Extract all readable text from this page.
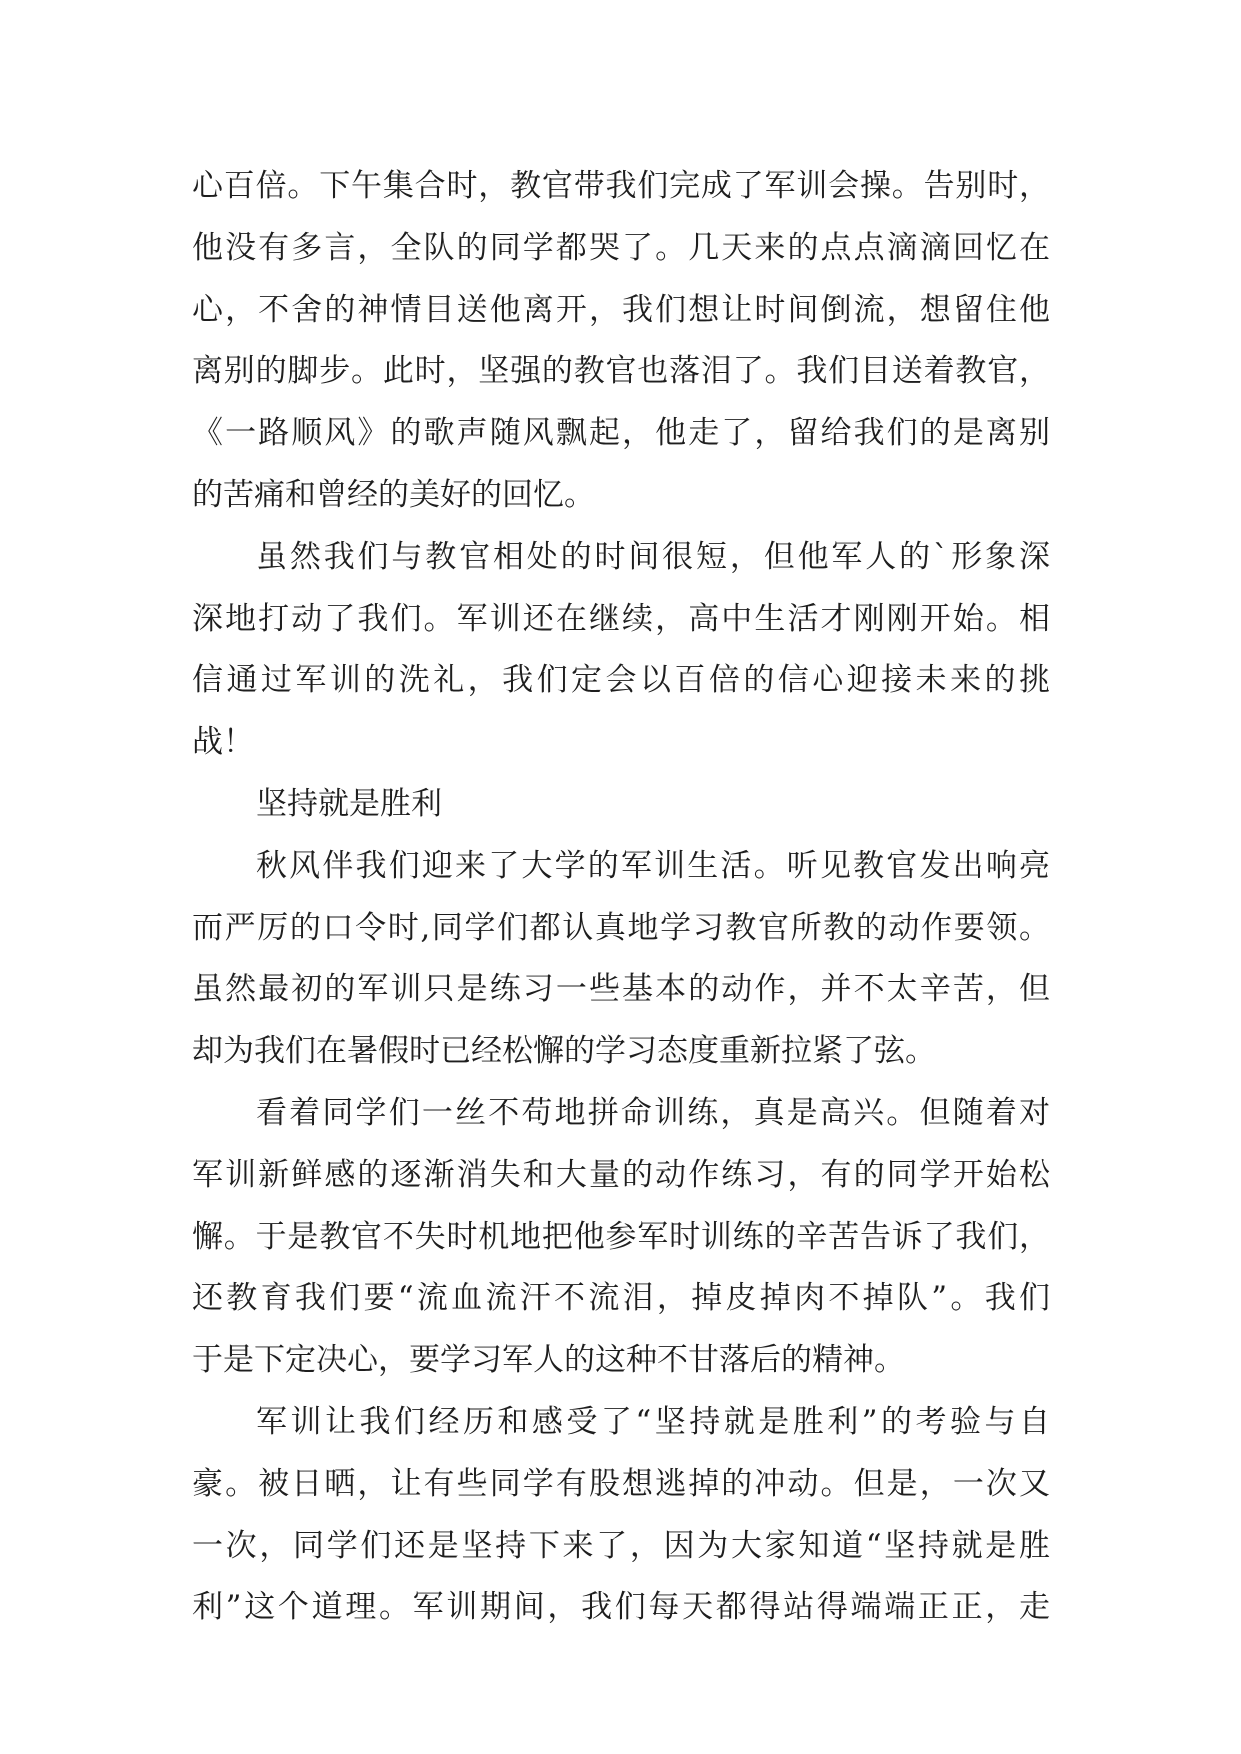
心百倍。下午集合时，教官带我们完成了军训会操。告别时，
他没有多言，全队的同学都哭了。几天来的点点滴滴回忆在
心，不舍的神情目送他离开，我们想让时间倒流，想留住他
离别的脚步。此时，坚强的教官也落泪了。我们目送着教官，
《一路顺风》的歌声随风飘起，他走了，留给我们的是离别
的苦痛和曾经的美好的回忆。
虽然我们与教官相处的时间很短，但他军人的`形象深
深地打动了我们。军训还在继续，高中生活才刚刚开始。相
信通过军训的洗礼，我们定会以百倍的信心迎接未来的挑
战！
坚持就是胜利
秋风伴我们迎来了大学的军训生活。听见教官发出响亮
而严厉的口令时,同学们都认真地学习教官所教的动作要领。
虽然最初的军训只是练习一些基本的动作，并不太辛苦，但
却为我们在暑假时已经松懈的学习态度重新拉紧了弦。
看着同学们一丝不苟地拼命训练，真是高兴。但随着对
军训新鲜感的逐渐消失和大量的动作练习，有的同学开始松
懈。于是教官不失时机地把他参军时训练的辛苦告诉了我们，
还教育我们要“流血流汗不流泪，掉皮掉肉不掉队”。我们
于是下定决心，要学习军人的这种不甘落后的精神。
军训让我们经历和感受了“坚持就是胜利”的考验与自
豪。被日晒，让有些同学有股想逃掉的冲动。但是，一次又
一次，同学们还是坚持下来了，因为大家知道“坚持就是胜
利”这个道理。军训期间，我们每天都得站得端端正正，走
